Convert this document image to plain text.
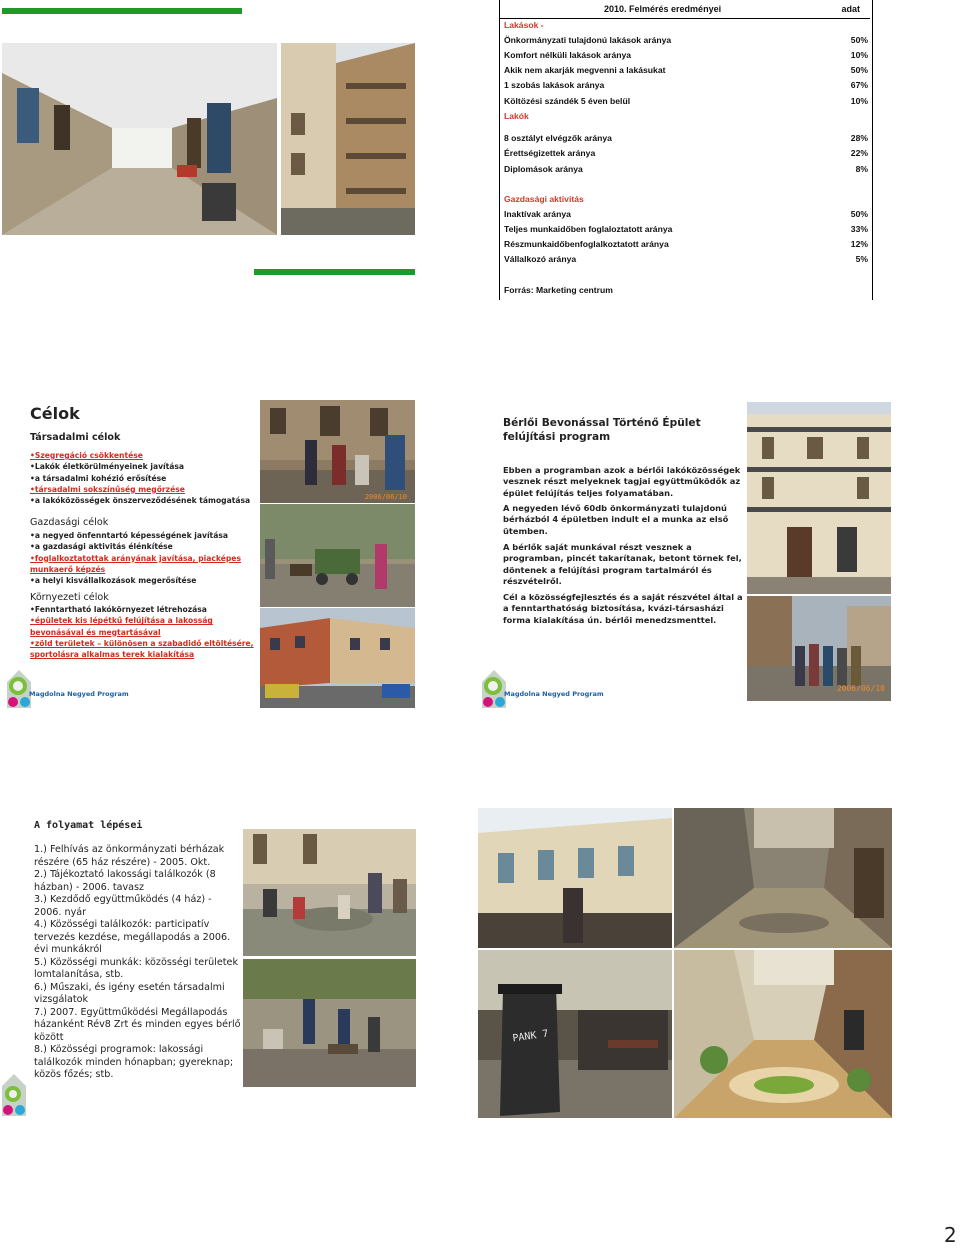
2010. Felmérés eredményei	adat
Lakások -
Önkormányzati tulajdonú lakások aránya	50%
Komfort nélküli lakások aránya	10%
Akik nem akarják megvenni a lakásukat	50%
1 szobás lakások aránya	67%
Költözési szándék 5 éven belül	10%
Lakók
8 osztályt elvégzők aránya	28%
Érettségizettek aránya	22%
Diplomások aránya	8%
Gazdasági aktivitás
Inaktívak aránya	50%
Teljes munkaidőben foglaloztatott aránya	33%
Részmunkaidőbenfoglalkoztatott aránya	12%
Vállalkozó aránya	5%
Forrás: Marketing centrum
Célok
Társadalmi célok
•Szegregáció csökkentése
•Lakók életkörülményeinek javítása
•a társadalmi kohézió erősítése
•társadalmi sokszínűség megőrzése
•a lakóközösségek önszerveződésének támogatása
Gazdasági célok
•a negyed önfenntartó képességének javítása
•a gazdasági aktivitás élénkítése
•foglalkoztatottak arányának javítása, piacképes
munkaerő képzés
•a helyi kisvállalkozások megerősítése
Környezeti célok
•Fenntartható lakókörnyezet létrehozása
•épületek kis lépétkű felújítása a lakosság
bevonásával és megtartásával
•zöld területek – különösen a szabadidő eltöltésére,
sportolásra alkalmas terek kialakítása
Magdolna Negyed Program
2006/06/10
Bérlői Bevonással Történő Épület
felújítási program
Ebben a programban azok a bérlői lakóközösségek
vesznek részt melyeknek tagjai együttműködők az
épület felújítás teljes folyamatában.
A negyeden lévő 60db önkormányzati tulajdonú
bérházból 4 épületben indult el a munka az első
ütemben.
A bérlők saját munkával részt vesznek a
programban, pincét takarítanak, betont törnek fel,
döntenek a felújítási program tartalmáról és
részvételről.
Cél a közösségfejlesztés és a saját részvétel által a
a fenntarthatóság biztosítása, kvázi-társasházi
forma kialakítása ún. bérlői menedzsmenttel.
Magdolna Negyed Program
2006/06/10
A folyamat lépései
1.) Felhívás az önkormányzati bérházak
részére (65 ház részére) - 2005. Okt.
2.) Tájékoztató lakossági találkozók (8
házban) - 2006. tavasz
3.) Kezdődő együttműködés (4 ház) -
2006. nyár
4.) Közösségi találkozók: participatív
tervezés kezdése, megállapodás a 2006.
évi munkákról
5.) Közösségi munkák: közösségi területek
lomtalanítása, stb.
6.) Műszaki, és igény esetén társadalmi
vizsgálatok
7.) 2007. Együttműködési Megállapodás
házanként Rév8 Zrt és minden egyes bérlő
között
8.) Közösségi programok: lakossági
találkozók minden hónapban; gyereknap;
közös főzés; stb.
PANK 7
2
